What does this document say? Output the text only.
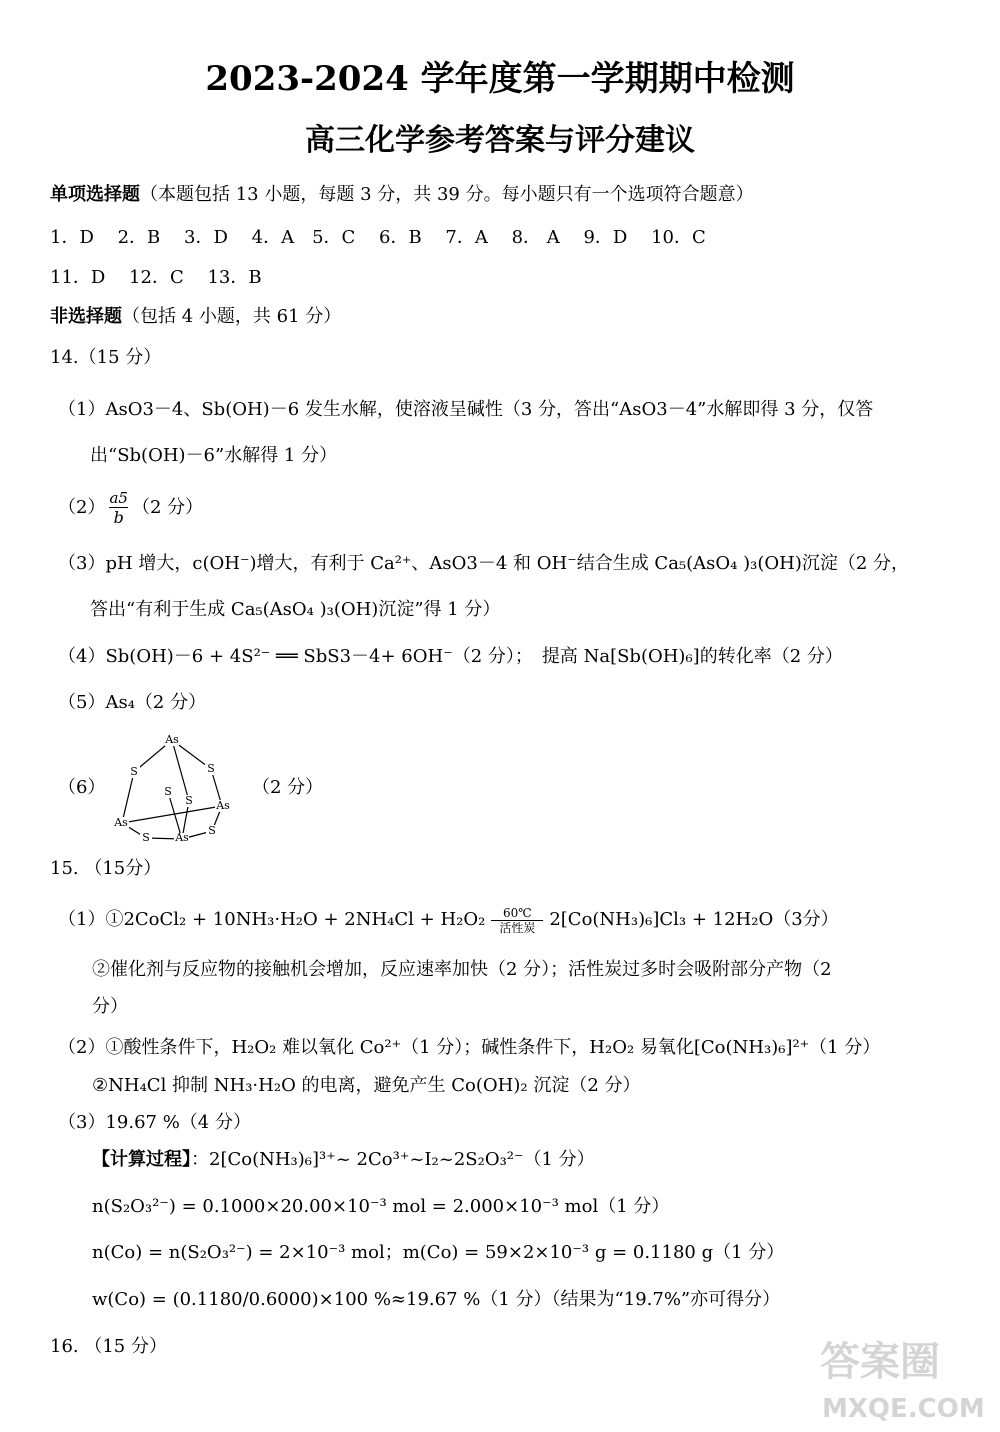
2023-2024 学年度第一学期期中检测
高三化学参考答案与评分建议
单项选择题（本题包括 13 小题，每题 3 分，共 39 分。每小题只有一个选项符合题意）
1．D　 2．B　 3．D　 4．A　5．C　 6．B　 7．A　 8． A　 9．D　 10．C
11．D　 12．C　 13．B
非选择题（包括 4 小题，共 61 分）
14.（15 分）
（1）AsO3－4、Sb(OH)－6 发生水解，使溶液呈碱性（3 分，答出“AsO3－4”水解即得 3 分，仅答
出“Sb(OH)－6”水解得 1 分）
$(2) \frac{a5}{b} (2$ 分）
（3）pH 增大，c(OH⁻)增大，有利于 Ca²⁺、AsO3－4 和 OH⁻结合生成 Ca₅(AsO₄ )₃(OH)沉淀（2 分，
答出“有利于生成 Ca₅(AsO₄ )₃(OH)沉淀”得 1 分）
（4）Sb(OH)－6 + 4S²⁻ ══ SbS3－4+ 6OH⁻（2 分）；　提高 Na[Sb(OH)₆]的转化率（2 分）
（5）As₄（2 分）
（6）
As
S	S
S
S
As
As
S
S
As
（2 分）
15. （15分）
（1）①2CoCl₂ + 10NH₃·H₂O + 2NH₄Cl + H₂O₂	60℃
活性炭 2[Co(NH₃)₆]Cl₃ + 12H₂O（3分）
②催化剂与反应物的接触机会增加，反应速率加快（2 分）；活性炭过多时会吸附部分产物（2
分）
（2）①酸性条件下，H₂O₂ 难以氧化 Co²⁺（1 分）；碱性条件下，H₂O₂ 易氧化[Co(NH₃)₆]²⁺（1 分）
②NH₄Cl 抑制 NH₃·H₂O 的电离，避免产生 Co(OH)₂ 沉淀（2 分）
（3）19.67 %（4 分）
【计算过程】：2[Co(NH₃)₆]³⁺~ 2Co³⁺~I₂~2S₂O₃²⁻（1 分）
n(S₂O₃²⁻) = 0.1000×20.00×10⁻³ mol = 2.000×10⁻³ mol（1 分）
n(Co) = n(S₂O₃²⁻) = 2×10⁻³ mol；m(Co) = 59×2×10⁻³ g = 0.1180 g（1 分）
w(Co) = (0.1180/0.6000)×100 %≈19.67 %（1 分）（结果为“19.7%”亦可得分）
16. （15 分）	答案圈
MXQE.COM
